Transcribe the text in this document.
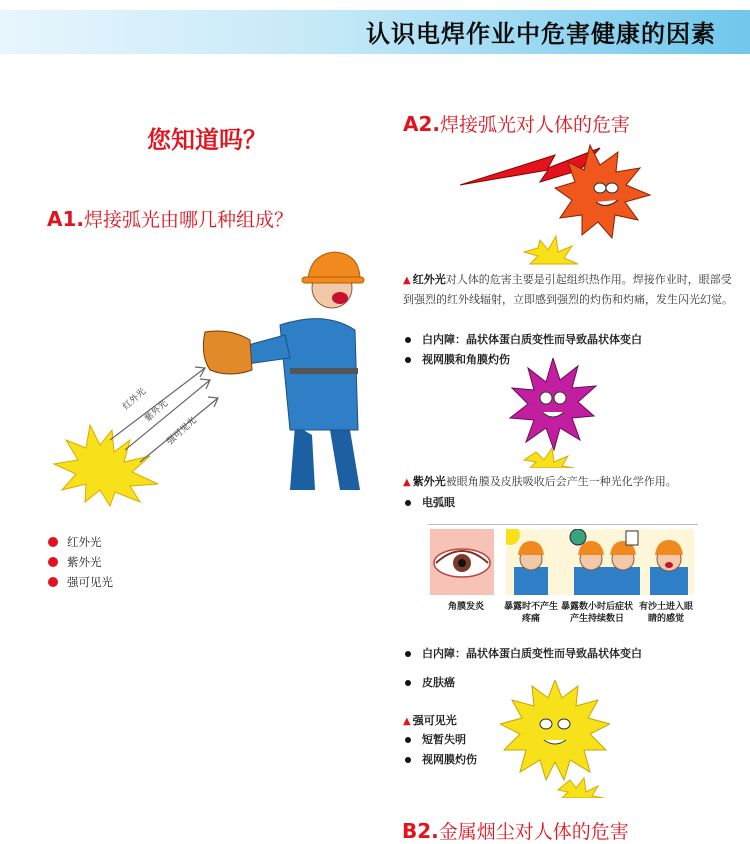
认识电焊作业中危害健康的因素
您知道吗？
A1.焊接弧光由哪几种组成？
红外光
紫外光
强可见光
红外光
紫外光
强可见光
A2.焊接弧光对人体的危害
▲ 红外光对人体的危害主要是引起组织热作用。焊接作业时，眼部受到强烈的红外线辐射，立即感到强烈的灼伤和灼痛，发生闪光幻觉。
白内障：晶状体蛋白质变性而导致晶状体变白
视网膜和角膜灼伤
▲ 紫外光被眼角膜及皮肤吸收后会产生一种光化学作用。
电弧眼
角膜发炎 暴露时不产生疼痛
暴露数小时后症状产生持续数日
有沙土进入眼睛的感觉
白内障：晶状体蛋白质变性而导致晶状体变白
皮肤癌
▲ 强可见光
短暂失明
视网膜灼伤
B2.金属烟尘对人体的危害
